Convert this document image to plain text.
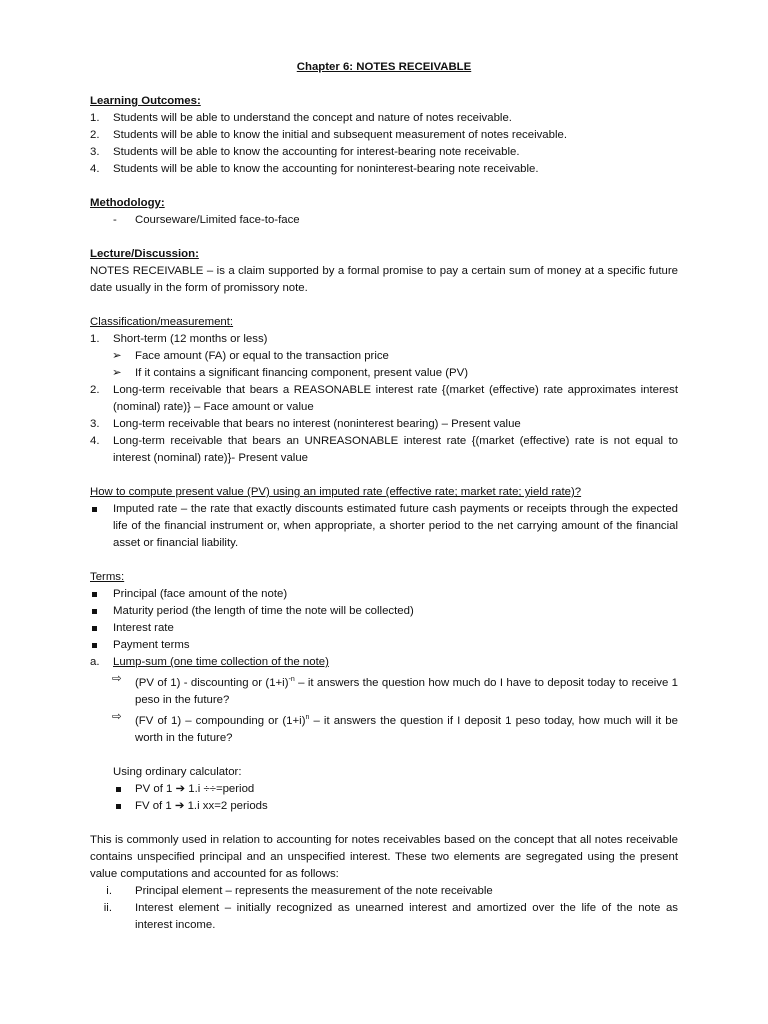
Chapter 6: NOTES RECEIVABLE

Learning Outcomes:
1. Students will be able to understand the concept and nature of notes receivable.
2. Students will be able to know the initial and subsequent measurement of notes receivable.
3. Students will be able to know the accounting for interest-bearing note receivable.
4. Students will be able to know the accounting for noninterest-bearing note receivable.
Methodology:
- Courseware/Limited face-to-face
Lecture/Discussion:
NOTES RECEIVABLE – is a claim supported by a formal promise to pay a certain sum of money at a specific future date usually in the form of promissory note.
Classification/measurement:
1. Short-term (12 months or less)
➢ Face amount (FA) or equal to the transaction price
➢ If it contains a significant financing component, present value (PV)
2. Long-term receivable that bears a REASONABLE interest rate {(market (effective) rate approximates interest (nominal) rate)} – Face amount or value
3. Long-term receivable that bears no interest (noninterest bearing) – Present value
4. Long-term receivable that bears an UNREASONABLE interest rate {(market (effective) rate is not equal to interest (nominal) rate)}- Present value
How to compute present value (PV) using an imputed rate (effective rate; market rate; yield rate)?
Imputed rate – the rate that exactly discounts estimated future cash payments or receipts through the expected life of the financial instrument or, when appropriate, a shorter period to the net carrying amount of the financial asset or financial liability.
Terms:
Principal (face amount of the note)
Maturity period (the length of time the note will be collected)
Interest rate
Payment terms
a. Lump-sum (one time collection of the note)
⇨ (PV of 1) - discounting or $(1+i)^{-n}$ – it answers the question how much do I have to deposit today to receive 1 peso in the future?
⇨ (FV of 1) – compounding or $(1+i)^n$ – it answers the question if I deposit 1 peso today, how much will it be worth in the future?
Using ordinary calculator:
PV of 1 ➔ 1.i ÷÷=period
FV of 1 ➔ 1.i xx=2 periods
This is commonly used in relation to accounting for notes receivables based on the concept that all notes receivable contains unspecified principal and an unspecified interest. These two elements are segregated using the present value computations and accounted for as follows:
i. Principal element – represents the measurement of the note receivable
ii. Interest element – initially recognized as unearned interest and amortized over the life of the note as interest income.
